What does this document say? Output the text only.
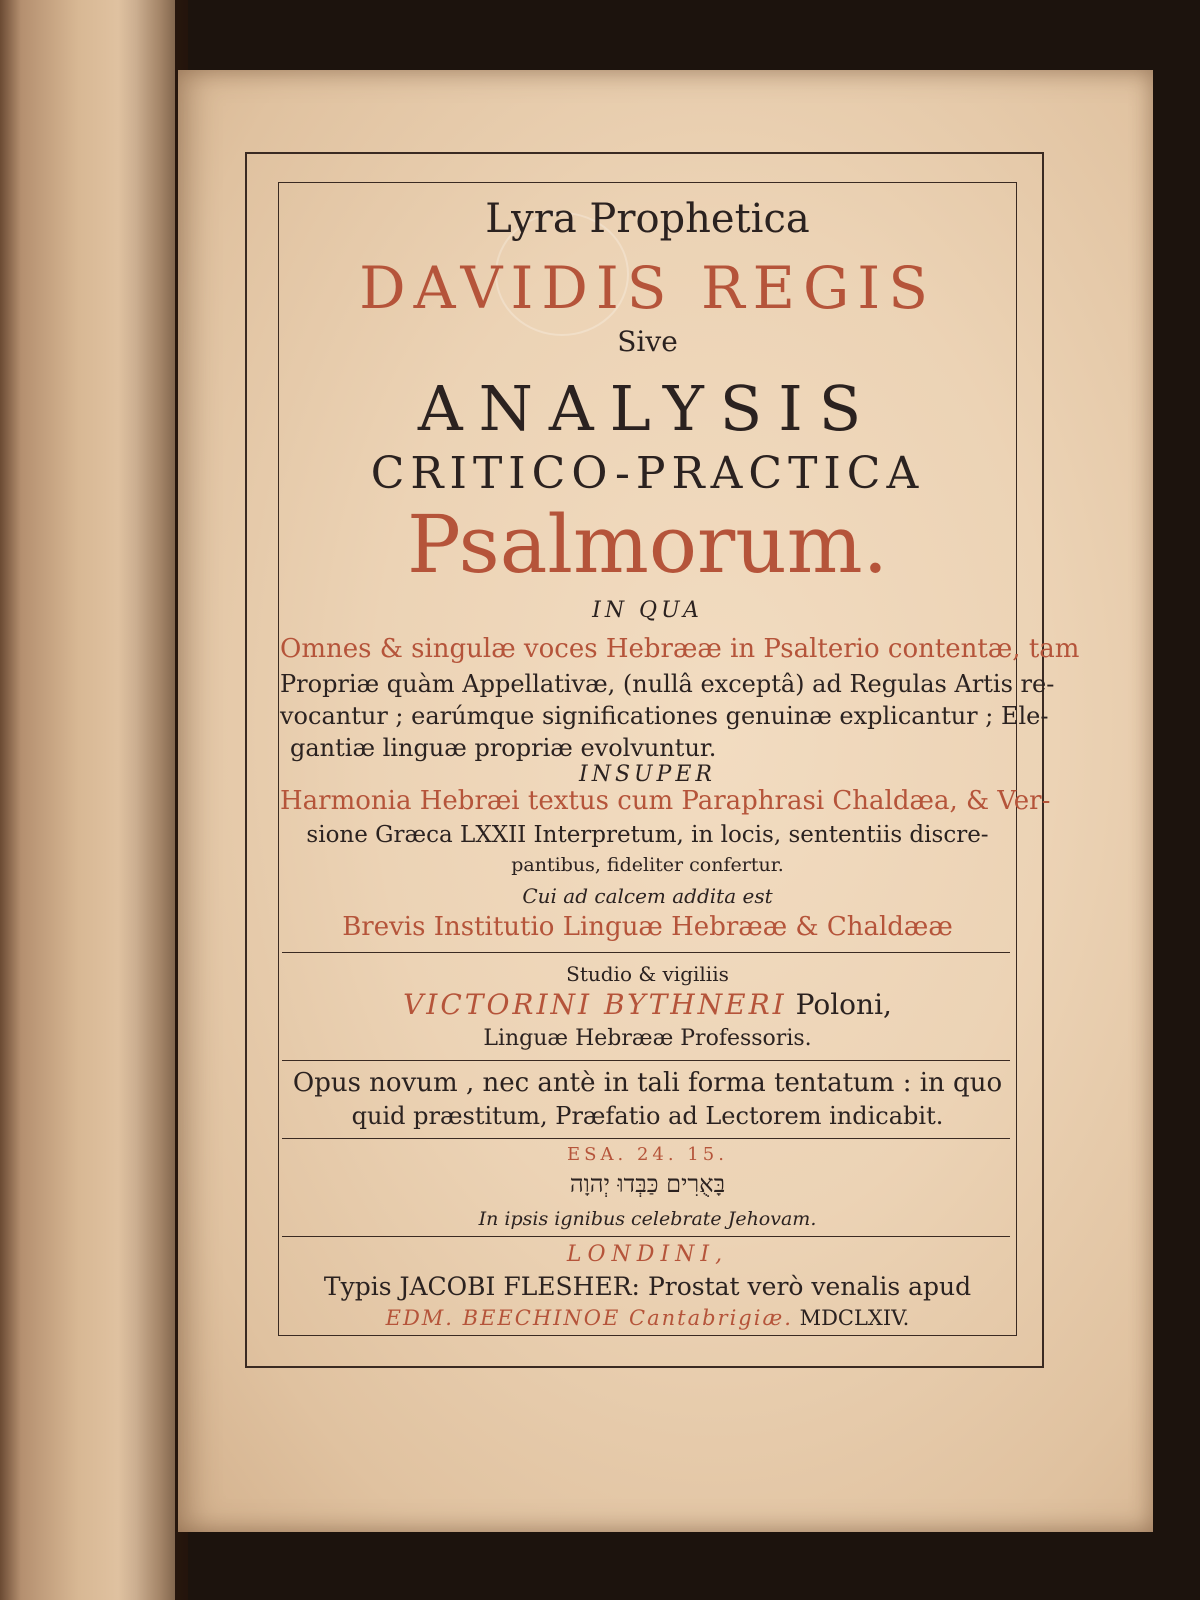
Lyra Prophetica
DAVIDIS REGIS
Sive
ANALYSIS
CRITICO-PRACTICA
Psalmorum.
IN QUA
Omnes & singulæ voces Hebrææ in Psalterio contentæ, tam
Propriæ quàm Appellativæ, (nullâ exceptâ) ad Regulas Artis re-
vocantur ; earúmque significationes genuinæ explicantur ; Ele-
gantiæ linguæ propriæ evolvuntur.
INSUPER
Harmonia Hebræi textus cum Paraphrasi Chaldæa, & Ver-
sione Græca LXXII Interpretum, in locis, sententiis discre-
pantibus, fideliter confertur.
Cui ad calcem addita est
Brevis Institutio Linguæ Hebrææ & Chaldææ
Studio & vigiliis
VICTORINI BYTHNERI Poloni,
Linguæ Hebrææ Professoris.
Opus novum , nec antè in tali forma tentatum : in quo
quid præstitum, Præfatio ad Lectorem indicabit.
ESA. 24. 15.
בָּאֻרִים כַּבְּדוּ יְהוָה
In ipsis ignibus celebrate Jehovam.
LONDINI,
Typis JACOBI FLESHER: Prostat verò venalis apud
EDM. BEECHINOE Cantabrigiæ. MDCLXIV.
